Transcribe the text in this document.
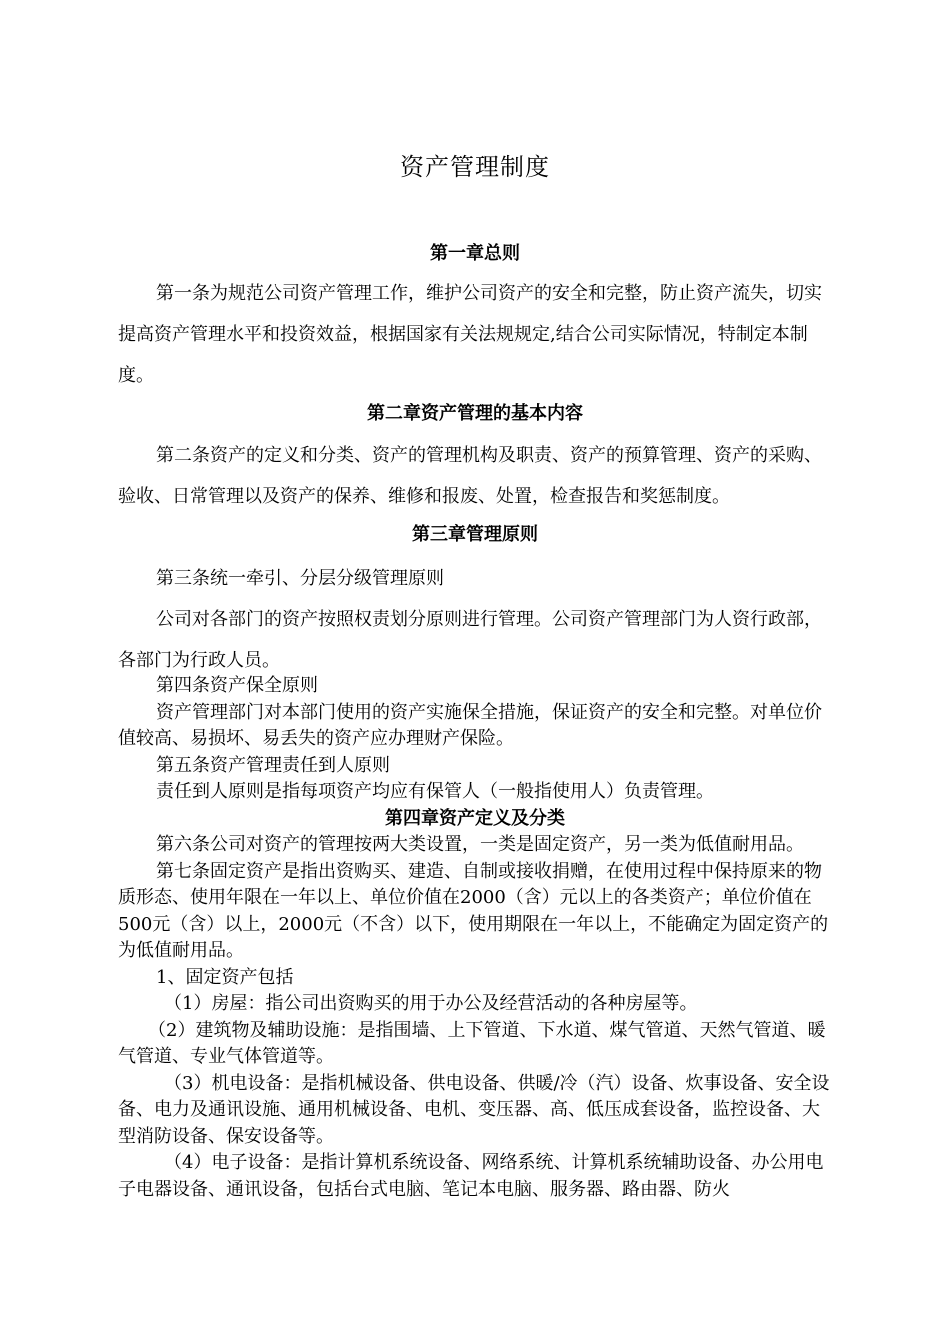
资产管理制度
第一章总则

第一条为规范公司资产管理工作，维护公司资产的安全和完整，防止资产流失，切实提高资产管理水平和投资效益，根据国家有关法规规定,结合公司实际情况，特制定本制度。

第二章资产管理的基本内容

第二条资产的定义和分类、资产的管理机构及职责、资产的预算管理、资产的采购、验收、日常管理以及资产的保养、维修和报废、处置，检查报告和奖惩制度。

第三章管理原则

第三条统一牵引、分层分级管理原则

公司对各部门的资产按照权责划分原则进行管理。公司资产管理部门为人资行政部，各部门为行政人员。

第四条资产保全原则

资产管理部门对本部门使用的资产实施保全措施，保证资产的安全和完整。对单位价值较高、易损坏、易丢失的资产应办理财产保险。

第五条资产管理责任到人原则

责任到人原则是指每项资产均应有保管人（一般指使用人）负责管理。

第四章资产定义及分类

第六条公司对资产的管理按两大类设置，一类是固定资产，另一类为低值耐用品。

第七条固定资产是指出资购买、建造、自制或接收捐赠，在使用过程中保持原来的物质形态、使用年限在一年以上、单位价值在2000（含）元以上的各类资产；单位价值在500元（含）以上，2000元（不含）以下，使用期限在一年以上，不能确定为固定资产的为低值耐用品。

1、固定资产包括

（1）房屋：指公司出资购买的用于办公及经营活动的各种房屋等。

（2）建筑物及辅助设施：是指围墙、上下管道、下水道、煤气管道、天然气管道、暖气管道、专业气体管道等。

（3）机电设备：是指机械设备、供电设备、供暖/冷（汽）设备、炊事设备、安全设备、电力及通讯设施、通用机械设备、电机、变压器、高、低压成套设备，监控设备、大型消防设备、保安设备等。

（4）电子设备：是指计算机系统设备、网络系统、计算机系统辅助设备、办公用电子电器设备、通讯设备，包括台式电脑、笔记本电脑、服务器、路由器、防火
